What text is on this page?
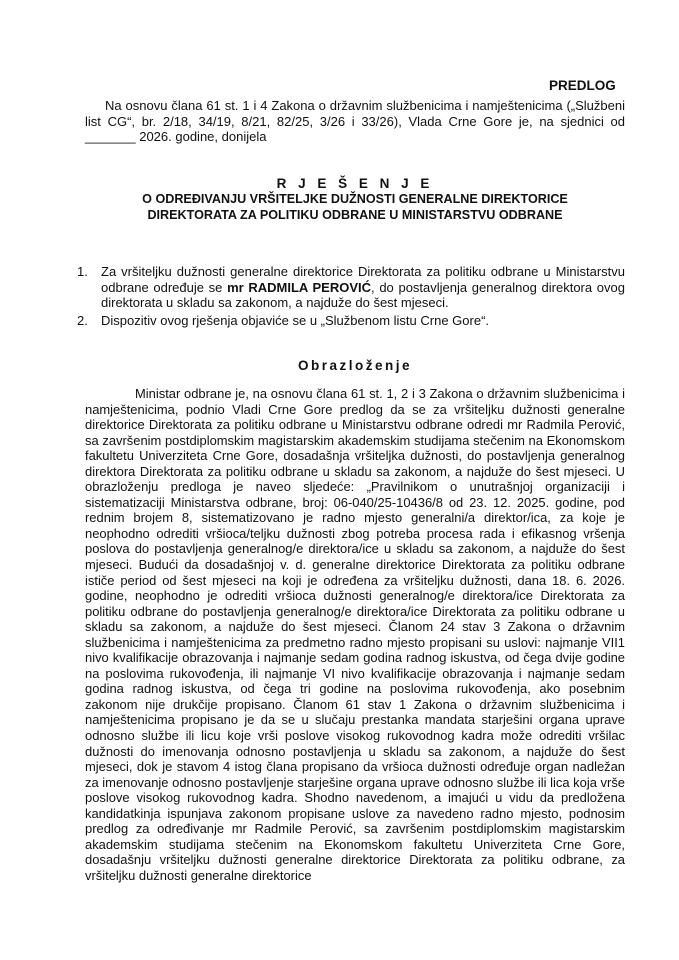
PREDLOG
Na osnovu člana 61 st. 1 i 4 Zakona o državnim službenicima i namještenicima („Službeni list CG“, br. 2/18, 34/19, 8/21, 82/25, 3/26 i 33/26), Vlada Crne Gore je, na sjednici od _______ 2026. godine, donijela
R J E Š E N J E
O ODREĐIVANJU VRŠITELJKE DUŽNOSTI GENERALNE DIREKTORICE
DIREKTORATA ZA POLITIKU ODBRANE U MINISTARSTVU ODBRANE
1. Za vršiteljku dužnosti generalne direktorice Direktorata za politiku odbrane u Ministarstvu odbrane određuje se mr RADMILA PEROVIĆ, do postavljenja generalnog direktora ovog direktorata u skladu sa zakonom, a najduže do šest mjeseci.
2. Dispozitiv ovog rješenja objaviće se u „Službenom listu Crne Gore“.
Obrazloženje
Ministar odbrane je, na osnovu člana 61 st. 1, 2 i 3 Zakona o državnim službenicima i namještenicima, podnio Vladi Crne Gore predlog da se za vršiteljku dužnosti generalne direktorice Direktorata za politiku odbrane u Ministarstvu odbrane odredi mr Radmila Perović, sa završenim postdiplomskim magistarskim akademskim studijama stečenim na Ekonomskom fakultetu Univerziteta Crne Gore, dosadašnja vršiteljka dužnosti, do postavljenja generalnog direktora Direktorata za politiku odbrane u skladu sa zakonom, a najduže do šest mjeseci. U obrazloženju predloga je naveo sljedeće: „Pravilnikom o unutrašnjoj organizaciji i sistematizaciji Ministarstva odbrane, broj: 06-040/25-10436/8 od 23. 12. 2025. godine, pod rednim brojem 8, sistematizovano je radno mjesto generalni/a direktor/ica, za koje je neophodno odrediti vršioca/teljku dužnosti zbog potreba procesa rada i efikasnog vršenja poslova do postavljenja generalnog/e direktora/ice u skladu sa zakonom, a najduže do šest mjeseci. Budući da dosadašnjoj v. d. generalne direktorice Direktorata za politiku odbrane ističe period od šest mjeseci na koji je određena za vršiteljku dužnosti, dana 18. 6. 2026. godine, neophodno je odrediti vršioca dužnosti generalnog/e direktora/ice Direktorata za politiku odbrane do postavljenja generalnog/e direktora/ice Direktorata za politiku odbrane u skladu sa zakonom, a najduže do šest mjeseci. Članom 24 stav 3 Zakona o državnim službenicima i namještenicima za predmetno radno mjesto propisani su uslovi: najmanje VII1 nivo kvalifikacije obrazovanja i najmanje sedam godina radnog iskustva, od čega dvije godine na poslovima rukovođenja, ili najmanje VI nivo kvalifikacije obrazovanja i najmanje sedam godina radnog iskustva, od čega tri godine na poslovima rukovođenja, ako posebnim zakonom nije drukčije propisano. Članom 61 stav 1 Zakona o državnim službenicima i namještenicima propisano je da se u slučaju prestanka mandata starješini organa uprave odnosno službe ili licu koje vrši poslove visokog rukovodnog kadra može odrediti vršilac dužnosti do imenovanja odnosno postavljenja u skladu sa zakonom, a najduže do šest mjeseci, dok je stavom 4 istog člana propisano da vršioca dužnosti određuje organ nadležan za imenovanje odnosno postavljenje starješine organa uprave odnosno službe ili lica koja vrše poslove visokog rukovodnog kadra. Shodno navedenom, a imajući u vidu da predložena kandidatkinja ispunjava zakonom propisane uslove za navedeno radno mjesto, podnosim predlog za određivanje mr Radmile Perović, sa završenim postdiplomskim magistarskim akademskim studijama stečenim na Ekonomskom fakultetu Univerziteta Crne Gore, dosadašnju vršiteljku dužnosti generalne direktorice Direktorata za politiku odbrane, za vršiteljku dužnosti generalne direktorice
